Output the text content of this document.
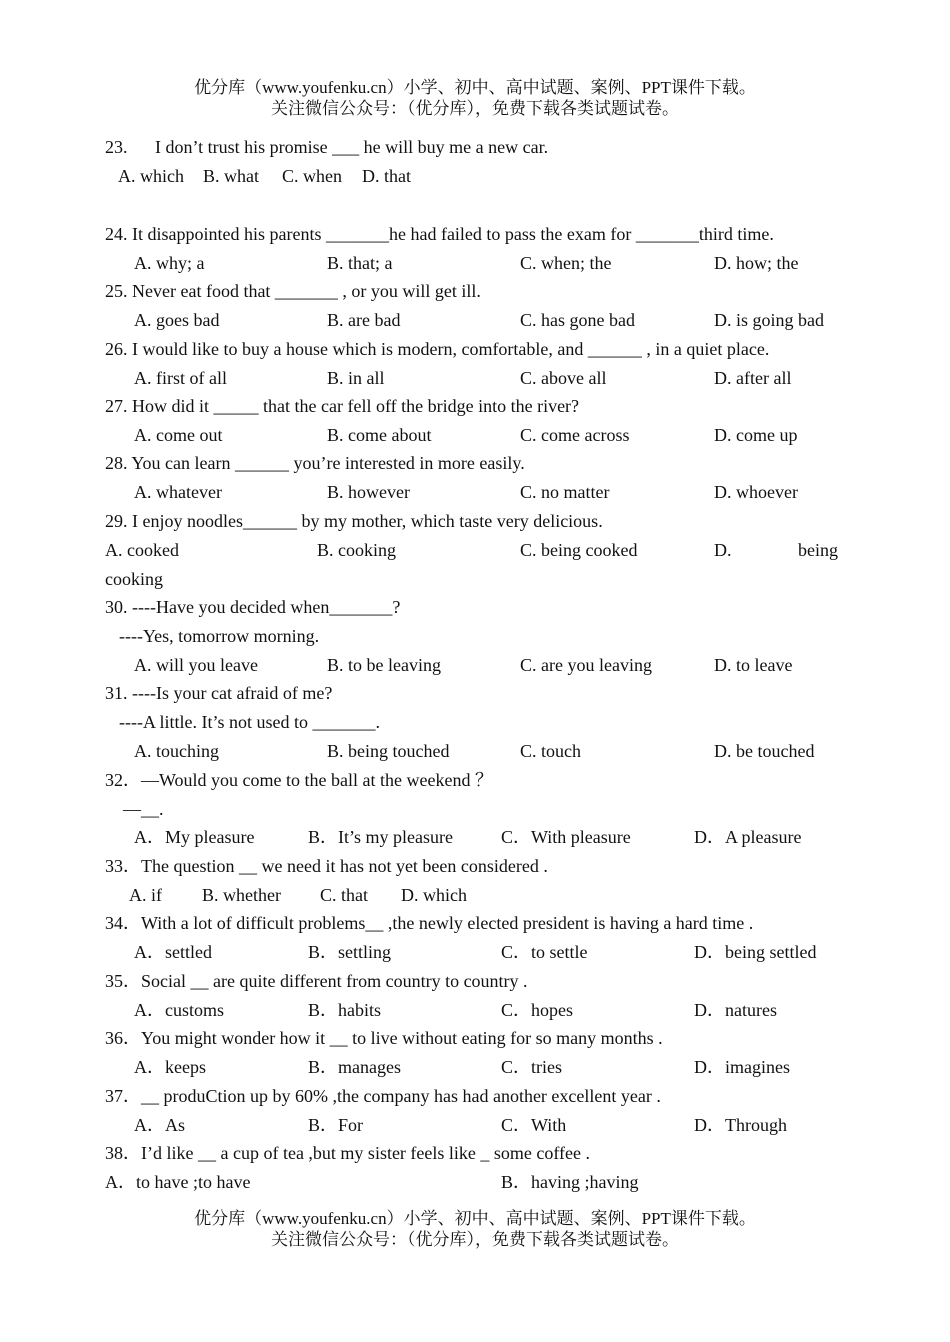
优分库（www.youfenku.cn）小学、初中、高中试题、案例、PPT课件下载。
关注微信公众号：（优分库），免费下载各类试题试卷。
23. I don’t trust his promise ___ he will buy me a new car.
A. which B. what C. when D. that
24. It disappointed his parents _______he had failed to pass the exam for _______third time.
A. why; a	B. that; a	C. when; the	D. how; the
25. Never eat food that _______ , or you will get ill.
A. goes bad	B. are bad	C. has gone bad	D. is going bad
26. I would like to buy a house which is modern, comfortable, and ______ , in a quiet place.
A. first of all	B. in all	C. above all	D. after all
27. How did it _____ that the car fell off the bridge into the river?
A. come out	B. come about	C. come across	D. come up
28. You can learn ______ you’re interested in more easily.
A. whatever	B. however	C. no matter	D. whoever
29. I enjoy noodles______ by my mother, which taste very delicious.
A. cooked	B. cooking	C. being cooked	D.	being
cooking
30. ----Have you decided when_______?
----Yes, tomorrow morning.
A. will you leave	B. to be leaving	C. are you leaving	D. to leave
31. ----Is your cat afraid of me?
----A little. It’s not used to _______.
A. touching	B. being touched	C. touch	D. be touched
32．—Would you come to the ball at the weekend ？
—__.
A．My pleasure	B．It’s my pleasure	C．With pleasure	D．A pleasure
33．The question __ we need it has not yet been considered .
A. if B. whether C. that D. which
34．With a lot of difficult problems__ ,the newly elected president is having a hard time .
A．settled	B．settling	C．to settle	D．being settled
35．Social __ are quite different from country to country .
A．customs	B．habits	C．hopes	D．natures
36．You might wonder how it __ to live without eating for so many months .
A．keeps	B．manages	C．tries	D．imagines
37．__ produCtion up by 60% ,the company has had another excellent year .
A．As	B．For	C．With	D．Through
38．I’d like __ a cup of tea ,but my sister feels like _ some coffee .
A．to have ;to have	B．having ;having
优分库（www.youfenku.cn）小学、初中、高中试题、案例、PPT课件下载。
关注微信公众号：（优分库），免费下载各类试题试卷。
